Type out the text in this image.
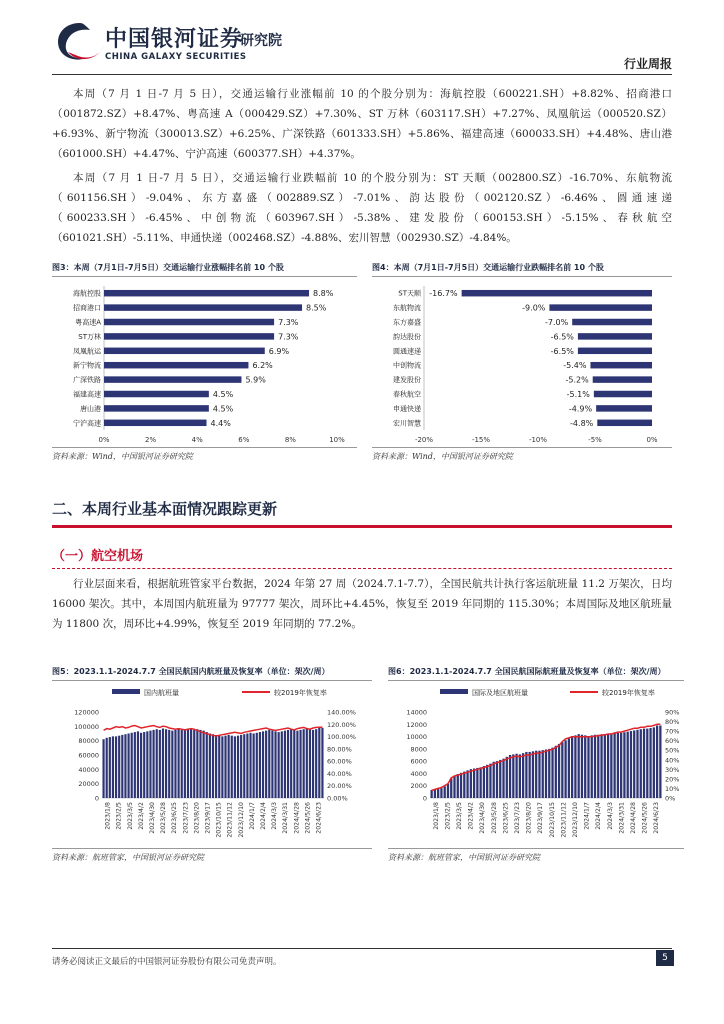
中国银河证券
CHINA GALAXY SECURITIES
研究院
行业周报

本周（7 月 1 日-7 月 5 日），交通运输行业涨幅前 10 的个股分别为：海航控股（600221.SH）+8.82%、招商港口（001872.SZ）+8.47%、粤高速 A（000429.SZ）+7.30%、ST 万林（603117.SH）+7.27%、凤凰航运（000520.SZ）+6.93%、新宁物流（300013.SZ）+6.25%、广深铁路（601333.SH）+5.86%、福建高速（600033.SH）+4.48%、唐山港（601000.SH）+4.47%、宁沪高速（600377.SH）+4.37%。

本周（7 月 1 日-7 月 5 日），交通运输行业跌幅前 10 的个股分别为：ST 天顺（002800.SZ）-16.70%、东航物流（601156.SH）-9.04%、东方嘉盛（002889.SZ）-7.01%、韵达股份（002120.SZ）-6.46%、圆通速递（600233.SH）-6.45%、中创物流（603967.SH）-5.38%、建发股份（600153.SH）-5.15%、春秋航空（601021.SH）-5.11%、申通快递（002468.SZ）-4.88%、宏川智慧（002930.SZ）-4.84%。

图3：本周（7月1日-7月5日）交通运输行业涨幅排名前 10 个股
0%	2%	4%	6%	8%	10%
海航控股	8.8%
招商港口	8.5%
粤高速A	7.3%
ST万林	7.3%
凤凰航运	6.9%
新宁物流	6.2%
广深铁路	5.9%
福建高速	4.5%
唐山港	4.5%
宁沪高速	4.4%
资料来源：Wind，中国银河证券研究院
图4：本周（7月1日-7月5日）交通运输行业跌幅排名前 10 个股
-20%	-15%	-10%	-5%	0%
ST天顺 -16.7%
东航物流	-9.0%
东方嘉盛	-7.0%
韵达股份	-6.5%
圆通速递	-6.5%
中创物流	-5.4%
建发股份	-5.2%
春秋航空	-5.1%
申通快递	-4.9%
宏川智慧	-4.8%
资料来源：Wind，中国银河证券研究院
二、本周行业基本面情况跟踪更新
（一）航空机场

行业层面来看，根据航班管家平台数据，2024 年第 27 周（2024.7.1-7.7），全国民航共计执行客运航班量 11.2 万架次，日均 16000 架次。其中，本周国内航班量为 97777 架次，周环比+4.45%，恢复至 2019 年同期的 115.30%；本周国际及地区航班量为 11800 次，周环比+4.99%，恢复至 2019 年同期的 77.2%。

图5：2023.1.1-2024.7.7 全国民航国内航班量及恢复率（单位：架次/周）
国内航班量	较2019年恢复率
0
20000
40000
60000
80000
100000
120000
0.00%
20.00%
40.00%
60.00%
80.00%
100.00%
120.00%
140.00%
2023/1/8 2023/2/5 2023/3/5 2023/4/2 2023/4/30 2023/5/28 2023/6/25 2023/7/23 2023/8/20 2023/9/17 2023/10/15 2023/11/12 2023/12/10 2024/1/7 2024/2/4 2024/3/3 2024/3/31 2024/4/28 2024/5/26 2024/6/23
资料来源：航班管家，中国银河证券研究院
图6：2023.1.1-2024.7.7 全国民航国际航班量及恢复率（单位：架次/周）
国际及地区航班量	较2019年恢复率
0
2000
4000
6000
8000
10000
12000
14000
0%
10%
20%
30%
40%
50%
60%
70%
80%
90%
2023/1/8 2023/2/5 2023/3/5 2023/4/2 2023/4/30 2023/5/28 2023/6/25 2023/7/23 2023/8/20 2023/9/17 2023/10/15 2023/11/12 2023/12/10 2024/1/7 2024/2/4 2024/3/3 2024/3/31 2024/4/28 2024/5/26 2024/6/23
资料来源：航班管家，中国银河证券研究院
请务必阅读正文最后的中国银河证券股份有限公司免责声明。	5
